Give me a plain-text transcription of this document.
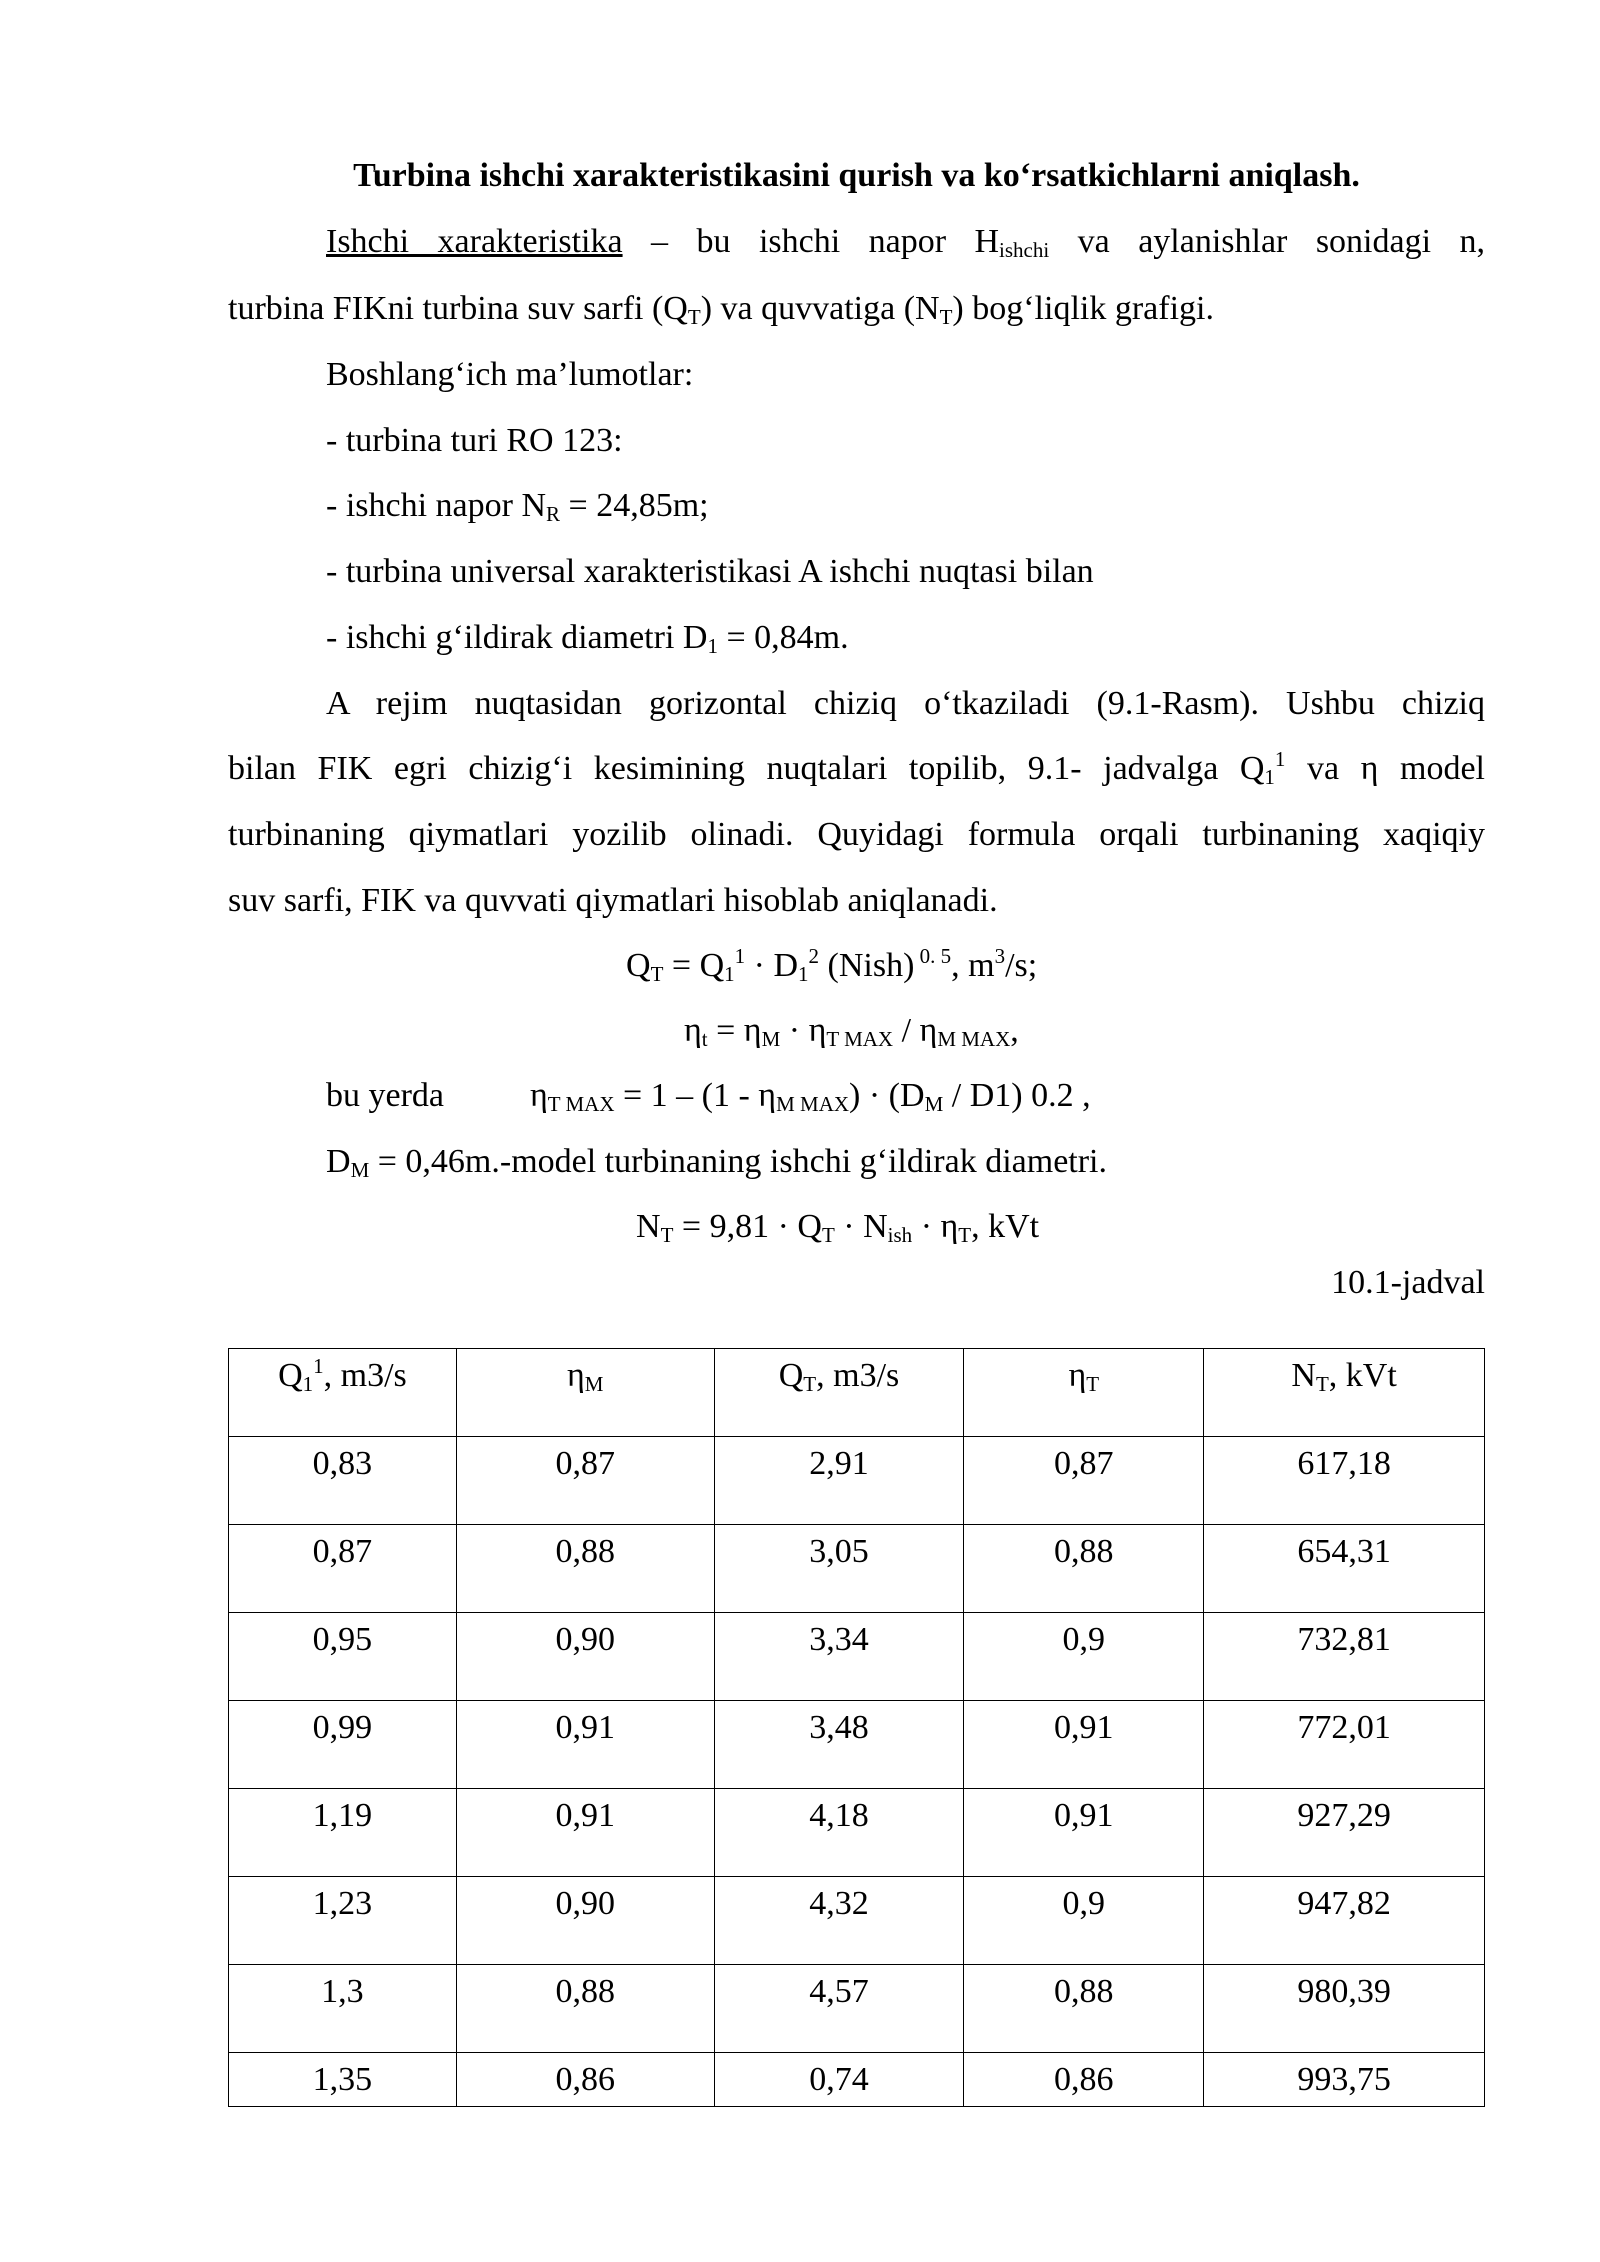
Turbina ishchi xarakteristikasini qurish va ko‘rsatkichlarni aniqlash.
Ishchi xarakteristika – bu ishchi napor $H_{ishchi}$ va aylanishlar sonidagi n,
turbina FIKni turbina suv sarfi $(Q_T)$ va quvvatiga $(N_T)$ bog‘liqlik grafigi.
Boshlang‘ich ma’lumotlar:
- turbina turi RO 123:
- ishchi napor $N_R = 24,85m$;
- turbina universal xarakteristikasi A ishchi nuqtasi bilan
- ishchi g‘ildirak diametri $D_1 = 0,84m$.
A rejim nuqtasidan gorizontal chiziq o‘tkaziladi (9.1-Rasm). Ushbu chiziq
bilan FIK egri chizig‘i kesimining nuqtalari topilib, 9.1- jadvalga $Q_1^1$ va η model
turbinaning qiymatlari yozilib olinadi. Quyidagi formula orqali turbinaning xaqiqiy
suv sarfi, FIK va quvvati qiymatlari hisoblab aniqlanadi.
$Q_T = Q_1^1 \cdot D_1^2$ (Nish) $^{0. 5}$, $m^3/s$;
$\eta_t = \eta_M \cdot \eta_{T MAX} / \eta_{M MAX}$,
bu yerda	$\eta_{T MAX} = 1 - (1 - \eta_{M MAX}) \cdot (D_M / D1)$ 0.2 ,
$D_M$ = 0,46m.-model turbinaning ishchi g‘ildirak diametri.
$N_T = 9,81 \cdot Q_T \cdot N_{ish} \cdot \eta_T$, kVt
10.1-jadval
$Q_1^1$, m3/s	$\eta_M$	$Q_T$, m3/s	$\eta_T$	$N_T$, kVt
0,83	0,87	2,91	0,87	617,18
0,87	0,88	3,05	0,88	654,31
0,95	0,90	3,34	0,9	732,81
0,99	0,91	3,48	0,91	772,01
1,19	0,91	4,18	0,91	927,29
1,23	0,90	4,32	0,9	947,82
1,3	0,88	4,57	0,88	980,39
1,35	0,86	0,74	0,86	993,75
